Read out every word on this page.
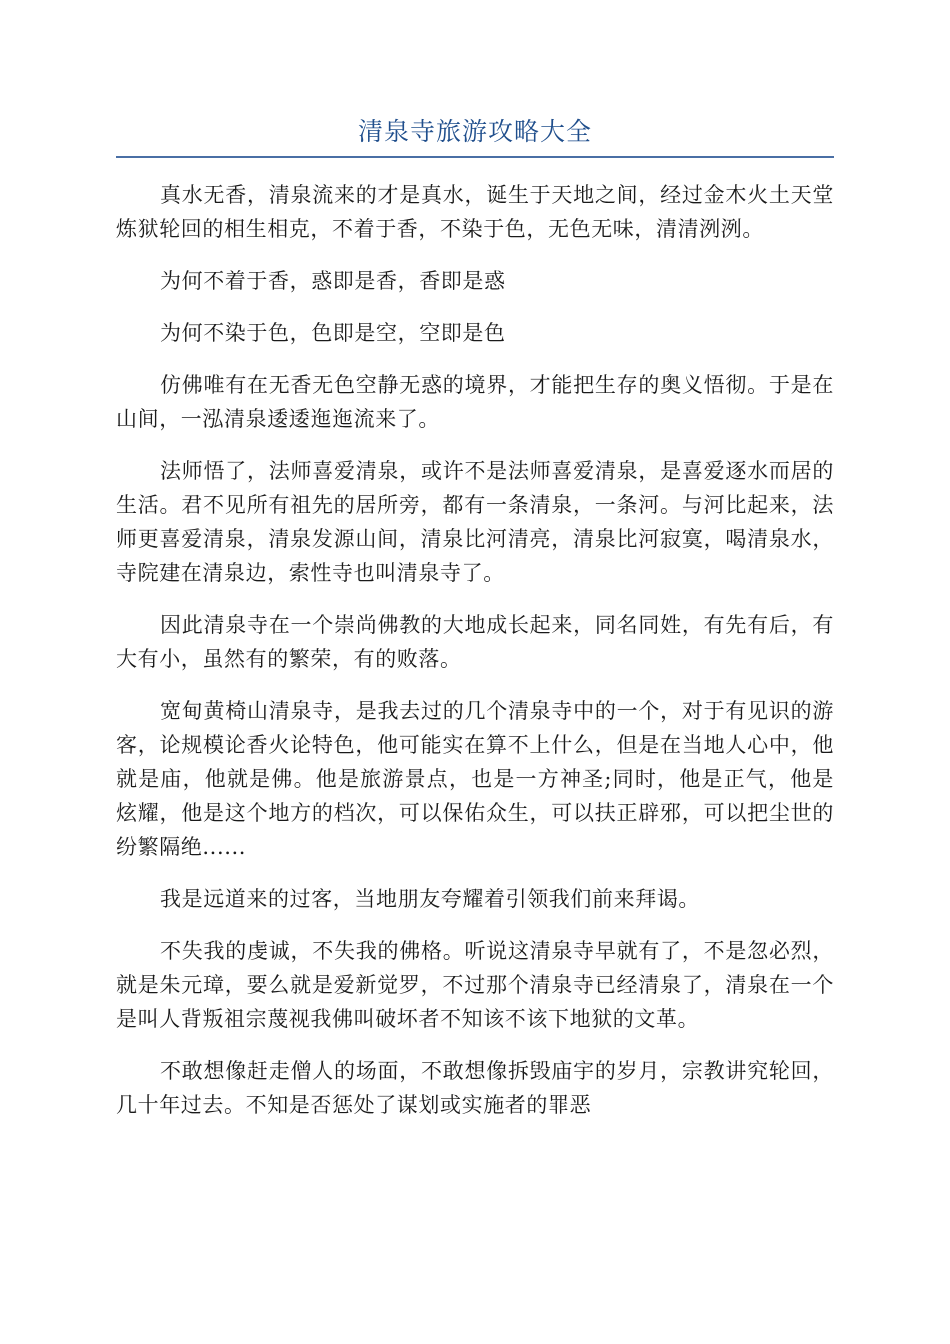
清泉寺旅游攻略大全

真水无香，清泉流来的才是真水，诞生于天地之间，经过金木火土天堂炼狱轮回的相生相克，不着于香，不染于色，无色无味，清清洌洌。

为何不着于香，惑即是香，香即是惑

为何不染于色，色即是空，空即是色

仿佛唯有在无香无色空静无惑的境界，才能把生存的奥义悟彻。于是在山间，一泓清泉逶逶迤迤流来了。

法师悟了，法师喜爱清泉，或许不是法师喜爱清泉，是喜爱逐水而居的生活。君不见所有祖先的居所旁，都有一条清泉，一条河。与河比起来，法师更喜爱清泉，清泉发源山间，清泉比河清亮，清泉比河寂寞，喝清泉水，寺院建在清泉边，索性寺也叫清泉寺了。

因此清泉寺在一个崇尚佛教的大地成长起来，同名同姓，有先有后，有大有小，虽然有的繁荣，有的败落。

宽甸黄椅山清泉寺，是我去过的几个清泉寺中的一个，对于有见识的游客，论规模论香火论特色，他可能实在算不上什么，但是在当地人心中，他就是庙，他就是佛。他是旅游景点，也是一方神圣;同时，他是正气，他是炫耀，他是这个地方的档次，可以保佑众生，可以扶正辟邪，可以把尘世的纷繁隔绝......

我是远道来的过客，当地朋友夸耀着引领我们前来拜谒。

不失我的虔诚，不失我的佛格。听说这清泉寺早就有了，不是忽必烈，就是朱元璋，要么就是爱新觉罗，不过那个清泉寺已经清泉了，清泉在一个是叫人背叛祖宗蔑视我佛叫破坏者不知该不该下地狱的文革。

不敢想像赶走僧人的场面，不敢想像拆毁庙宇的岁月，宗教讲究轮回，几十年过去。不知是否惩处了谋划或实施者的罪恶
